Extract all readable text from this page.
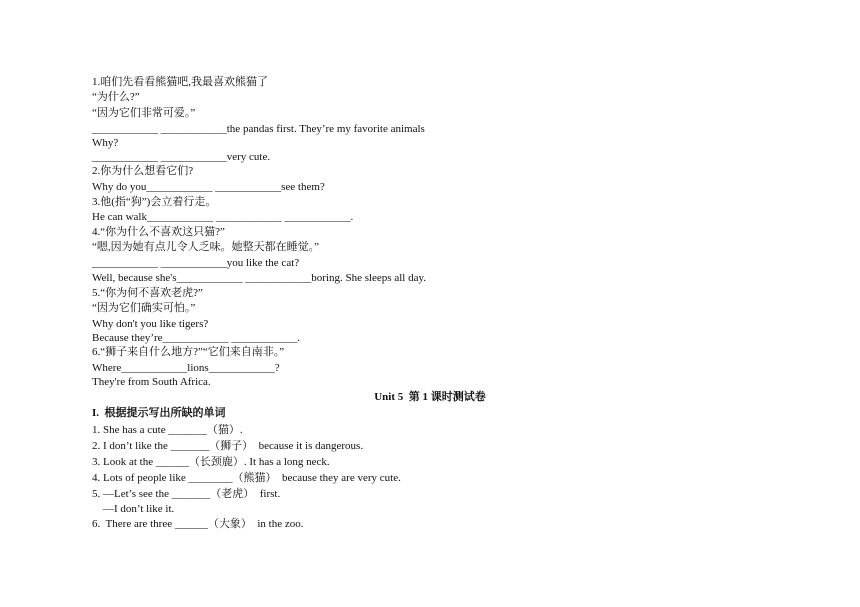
1.咱们先看看熊猫吧,我最喜欢熊猫了
“为什么?”
“因为它们非常可爱。”
____________ ____________the pandas first. They’re my favorite animals
Why?
____________ ____________very cute.
2.你为什么想看它们?
Why do you____________ ____________see them?
3.他(指“狗”)会立着行走。
He can walk____________ ____________ ____________.
4.“你为什么不喜欢这只猫?”
“嗯,因为她有点儿令人乏味。她整天都在睡觉。”
____________ ____________you like the cat?
Well, because she's____________ ____________boring. She sleeps all day.
5.“你为何不喜欢老虎?”
“因为它们确实可怕。”
Why don't you like tigers?
Because they’re____________ ____________.
6.“狮子来自什么地方?”“它们来自南非。”
Where____________lions____________?
They're from South Africa.
Unit 5  第 1 课时测试卷
I.  根据提示写出所缺的单词
1. She has a cute _______（猫）.
2. I don’t like the _______（狮子）  because it is dangerous.
3. Look at the ______（长颈鹿）. It has a long neck.
4. Lots of people like ________（熊猫）  because they are very cute.
5. —Let’s see the _______（老虎）  first.
—I don’t like it.
6.  There are three ______（大象）  in the zoo.
